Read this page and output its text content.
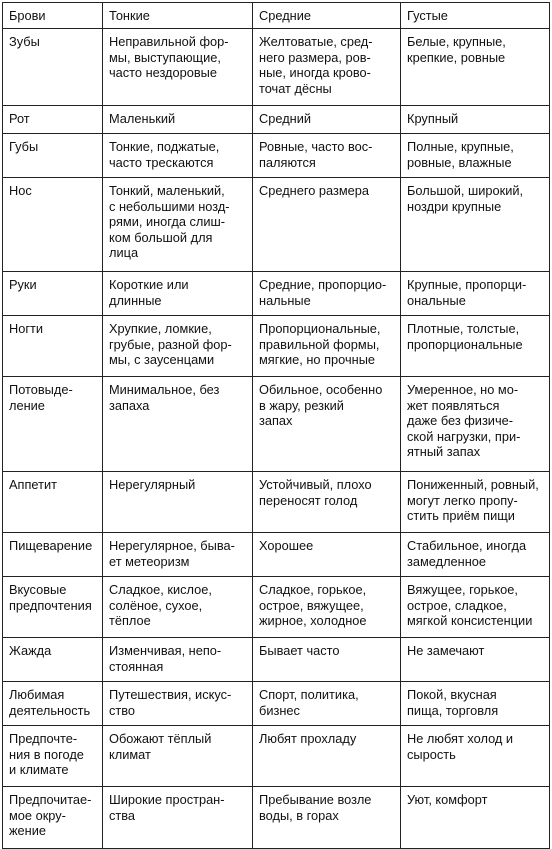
Брови	Тонкие	Средние	Густые
Зубы	Неправильной фор-
мы, выступающие,
часто нездоровые	Желтоватые, сред-
него размера, ров-
ные, иногда крово-
точат дёсны	Белые, крупные,
крепкие, ровные
Рот	Маленький	Средний	Крупный
Губы	Тонкие, поджатые,
часто трескаются	Ровные, часто вос-
паляются	Полные, крупные,
ровные, влажные
Нос	Тонкий, маленький,
с небольшими нозд-
рями, иногда слиш-
ком большой для
лица	Среднего размера	Большой, широкий,
ноздри крупные
Руки	Короткие или
длинные	Средние, пропорцио-
нальные	Крупные, пропорци-
ональные
Ногти	Хрупкие, ломкие,
грубые, разной фор-
мы, с заусенцами	Пропорциональные,
правильной формы,
мягкие, но прочные	Плотные, толстые,
пропорциональные
Потовыде-
ление	Минимальное, без
запаха	Обильное, особенно
в жару, резкий
запах	Умеренное, но мо-
жет появляться
даже без физиче-
ской нагрузки, при-
ятный запах
Аппетит	Нерегулярный	Устойчивый, плохо
переносят голод	Пониженный, ровный,
могут легко пропу-
стить приём пищи
Пищеварение	Нерегулярное, быва-
ет метеоризм	Хорошее	Стабильное, иногда
замедленное
Вкусовые
предпочтения	Сладкое, кислое,
солёное, сухое,
тёплое	Сладкое, горькое,
острое, вяжущее,
жирное, холодное	Вяжущее, горькое,
острое, сладкое,
мягкой консистенции
Жажда	Изменчивая, непо-
стоянная	Бывает часто	Не замечают
Любимая
деятельность	Путешествия, искус-
ство	Спорт, политика,
бизнес	Покой, вкусная
пища, торговля
Предпочте-
ния в погоде
и климате	Обожают тёплый
климат	Любят прохладу	Не любят холод и
сырость
Предпочитае-
мое окру-
жение	Широкие простран-
ства	Пребывание возле
воды, в горах	Уют, комфорт
